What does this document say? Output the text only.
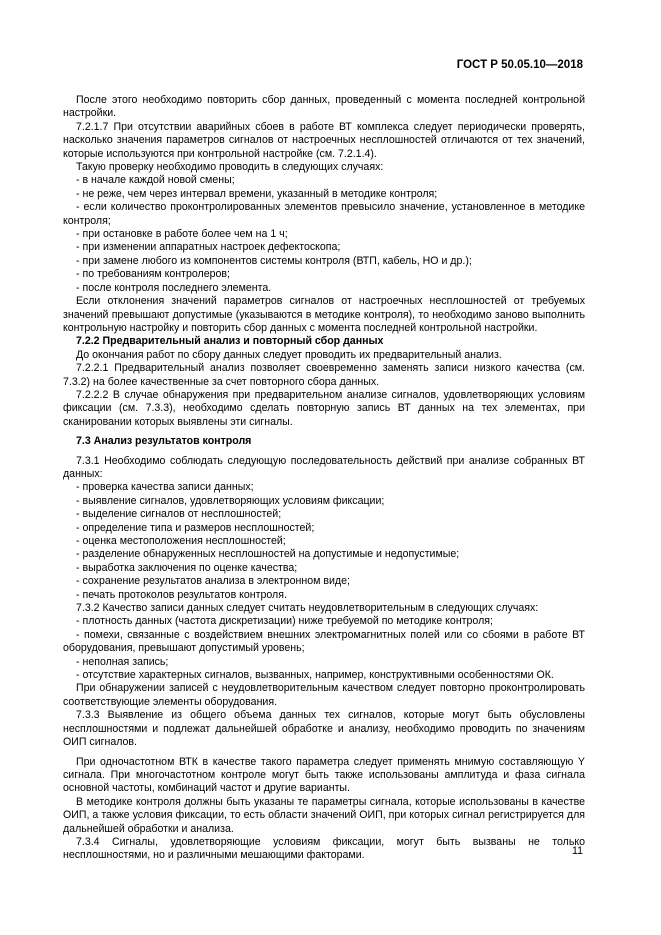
ГОСТ Р 50.05.10—2018

После этого необходимо повторить сбор данных, проведенный с момента последней контрольной настройки.

7.2.1.7 При отсутствии аварийных сбоев в работе ВТ комплекса следует периодически проверять, насколько значения параметров сигналов от настроечных несплошностей отличаются от тех значений, которые используются при контрольной настройке (см. 7.2.1.4).

Такую проверку необходимо проводить в следующих случаях:

- в начале каждой новой смены;

- не реже, чем через интервал времени, указанный в методике контроля;

- если количество проконтролированных элементов превысило значение, установленное в методике контроля;

- при остановке в работе более чем на 1 ч;

- при изменении аппаратных настроек дефектоскопа;

- при замене любого из компонентов системы контроля (ВТП, кабель, НО и др.);

- по требованиям контролеров;

- после контроля последнего элемента.

Если отклонения значений параметров сигналов от настроечных несплошностей от требуемых значений превышают допустимые (указываются в методике контроля), то необходимо заново выполнить контрольную настройку и повторить сбор данных с момента последней контрольной настройки.

7.2.2 Предварительный анализ и повторный сбор данных

До окончания работ по сбору данных следует проводить их предварительный анализ.

7.2.2.1 Предварительный анализ позволяет своевременно заменять записи низкого качества (см. 7.3.2) на более качественные за счет повторного сбора данных.

7.2.2.2 В случае обнаружения при предварительном анализе сигналов, удовлетворяющих условиям фиксации (см. 7.3.3), необходимо сделать повторную запись ВТ данных на тех элементах, при сканировании которых выявлены эти сигналы.

7.3 Анализ результатов контроля

7.3.1 Необходимо соблюдать следующую последовательность действий при анализе собранных ВТ данных:

- проверка качества записи данных;

- выявление сигналов, удовлетворяющих условиям фиксации;

- выделение сигналов от несплошностей;

- определение типа и размеров несплошностей;

- оценка местоположения несплошностей;

- разделение обнаруженных несплошностей на допустимые и недопустимые;

- выработка заключения по оценке качества;

- сохранение результатов анализа в электронном виде;

- печать протоколов результатов контроля.

7.3.2 Качество записи данных следует считать неудовлетворительным в следующих случаях:

- плотность данных (частота дискретизации) ниже требуемой по методике контроля;

- помехи, связанные с воздействием внешних электромагнитных полей или со сбоями в работе ВТ оборудования, превышают допустимый уровень;

- неполная запись;

- отсутствие характерных сигналов, вызванных, например, конструктивными особенностями ОК.

При обнаружении записей с неудовлетворительным качеством следует повторно проконтролировать соответствующие элементы оборудования.

7.3.3 Выявление из общего объема данных тех сигналов, которые могут быть обусловлены несплошностями и подлежат дальнейшей обработке и анализу, необходимо проводить по значениям ОИП сигналов.

При одночастотном ВТК в качестве такого параметра следует применять мнимую составляющую Y сигнала. При многочастотном контроле могут быть также использованы амплитуда и фаза сигнала основной частоты, комбинаций частот и другие варианты.

В методике контроля должны быть указаны те параметры сигнала, которые использованы в качестве ОИП, а также условия фиксации, то есть области значений ОИП, при которых сигнал регистрируется для дальнейшей обработки и анализа.

7.3.4 Сигналы, удовлетворяющие условиям фиксации, могут быть вызваны не только несплошностями, но и различными мешающими факторами.	11
